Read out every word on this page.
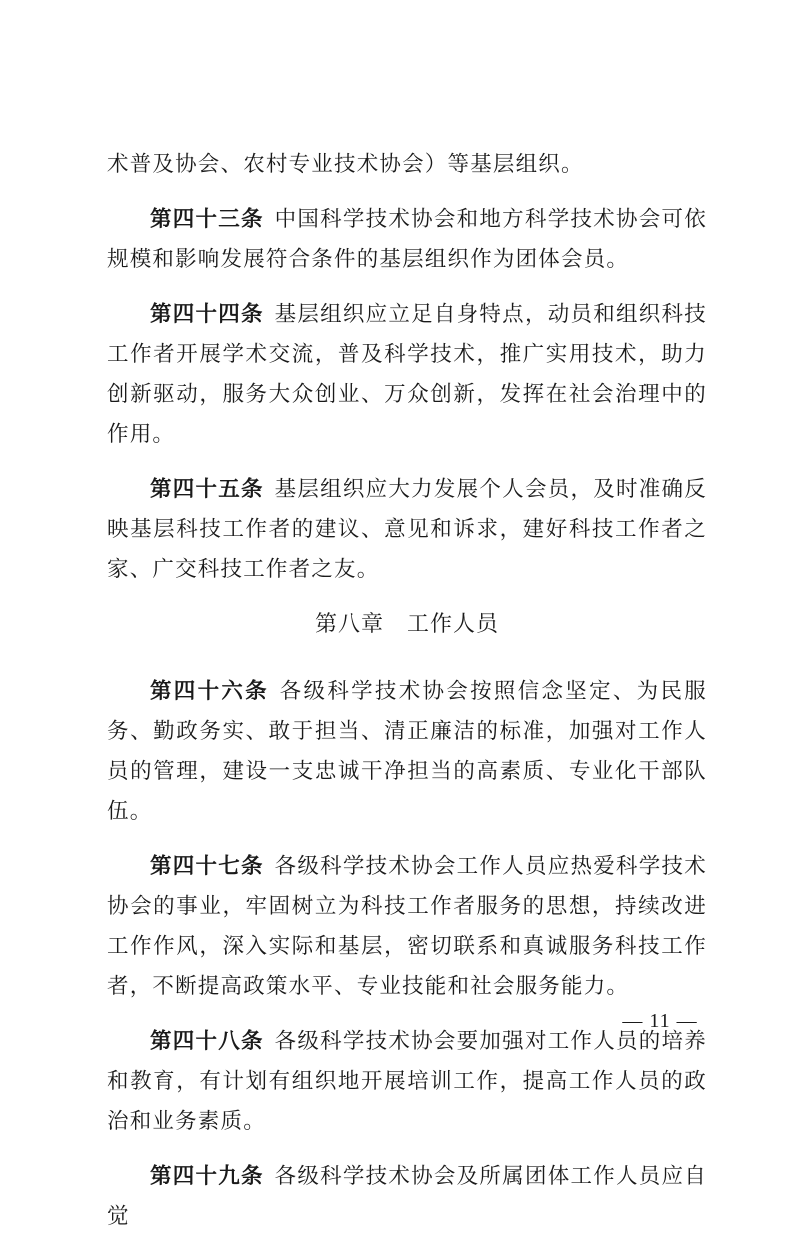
术普及协会、农村专业技术协会）等基层组织。

第四十三条 中国科学技术协会和地方科学技术协会可依规模和影响发展符合条件的基层组织作为团体会员。

第四十四条 基层组织应立足自身特点，动员和组织科技工作者开展学术交流，普及科学技术，推广实用技术，助力创新驱动，服务大众创业、万众创新，发挥在社会治理中的作用。

第四十五条 基层组织应大力发展个人会员，及时准确反映基层科技工作者的建议、意见和诉求，建好科技工作者之家、广交科技工作者之友。

第八章　工作人员

第四十六条 各级科学技术协会按照信念坚定、为民服务、勤政务实、敢于担当、清正廉洁的标准，加强对工作人员的管理，建设一支忠诚干净担当的高素质、专业化干部队伍。

第四十七条 各级科学技术协会工作人员应热爱科学技术协会的事业，牢固树立为科技工作者服务的思想，持续改进工作作风，深入实际和基层，密切联系和真诚服务科技工作者，不断提高政策水平、专业技能和社会服务能力。

第四十八条 各级科学技术协会要加强对工作人员的培养和教育，有计划有组织地开展培训工作，提高工作人员的政治和业务素质。

第四十九条 各级科学技术协会及所属团体工作人员应自觉

— 11 —
